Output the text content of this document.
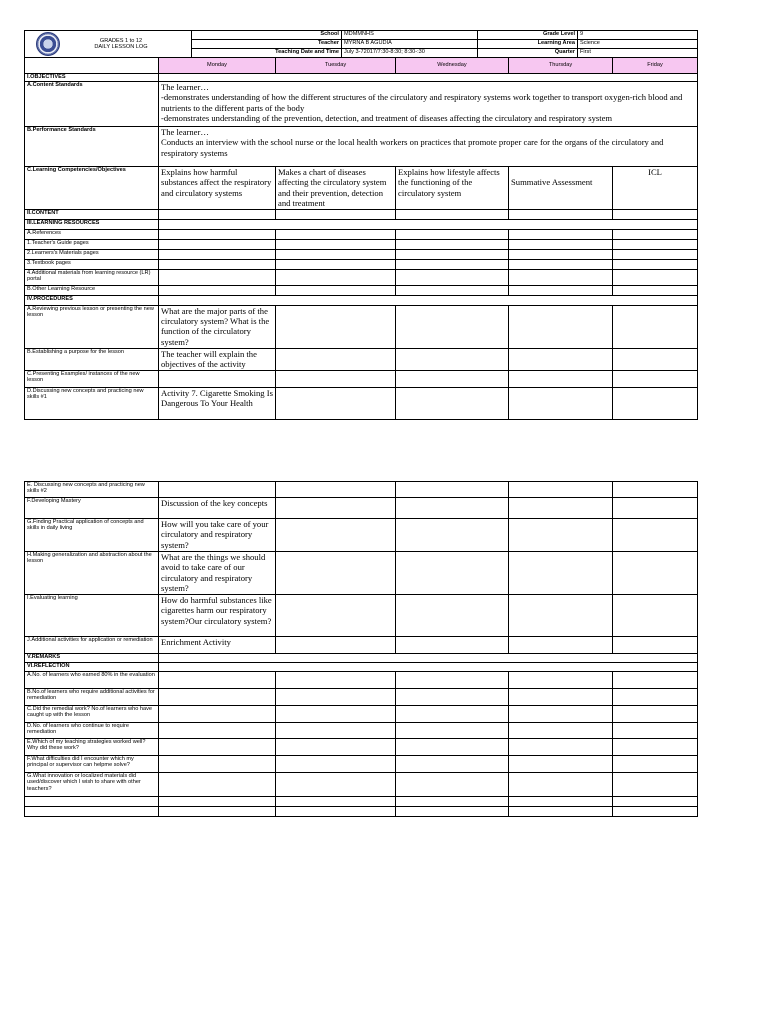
GRADES 1 to 12
DAILY LESSON LOG	School	MDMMNHS	Grade Level	9
	Teacher	MYRNA B AGUDIA	Learning Area	Science
	Teaching Date and Time	July 3-72017/7:30-8:30; 8:30-:30	Quarter	First
	Monday	Tuesday	Wednesday	Thursday	Friday
I.OBJECTIVES					
A.Content Standards	The learner…
-demonstrates understanding of how the different structures of the circulatory and respiratory systems work together to transport oxygen-rich blood and nutrients to the different parts of the body
-demonstrates understanding of the prevention, detection, and treatment of diseases affecting the circulatory and respiratory system				

B.Performance Standards	The learner…
Conducts an interview with the school nurse or the local health workers on practices that promote proper care for the organs of the circulatory and respiratory systems				

C.Learning Competencies/Objectives	Explains how harmful substances affect the respiratory and circulatory systems	Makes a chart of diseases affecting the circulatory system and their prevention, detection and treatment	Explains how lifestyle affects the functioning of the circulatory system	Summative Assessment	ICL
II.CONTENT					
III.LEARNING RESOURCES					
A.References					
1.Teacher's Guide pages					
2.Learners's Materials pages					
3.Textbook pages					
4.Additional materials from learning resource (LR) portal					
B.Other Learning Resource					
IV.PROCEDURES					
A.Reviewing previous lesson or presenting the new lesson	What are the major parts of the circulatory system? What is the function of the circulatory system?				
B.Establishing a purpose for the lesson	The teacher will explain the objectives of the activity				
C.Presenting Examples/ instances of the new lesson					
D.Discussing new concepts and practicing new skills #1	Activity 7. Cigarette Smoking Is Dangerous To Your Health				
E. Discussing new concepts and practicing new skills #2					
F.Developing Mastery	Discussion of the key concepts				
G.Finding Practical application of concepts and skills in daily living	How will you take care of your circulatory and respiratory system?				
H.Making generalization and abstraction about the lesson	What are the things we should avoid to take care of our circulatory and respiratory system?				
I.Evaluating learning	How do harmful substances like cigarettes harm our respiratory system?Our circulatory system?				
J.Additional activities for application or remediation	Enrichment Activity				
V.REMARKS					
VI.REFLECTION					
A.No. of learners who earned 80% in the evaluation					
B.No.of learners who require additional activities for remediation					
C.Did the remedial work? No.of learners who have caught up with the lesson					
D.No. of learners who continue to require remediation					
E.Which of my teaching strategies worked well? Why did these work?					
F.What difficulties did I encounter which my principal or supervisor can helpme solve?					
G.What innovation or localized materials did used/discover which I wish to share with other teachers?					
